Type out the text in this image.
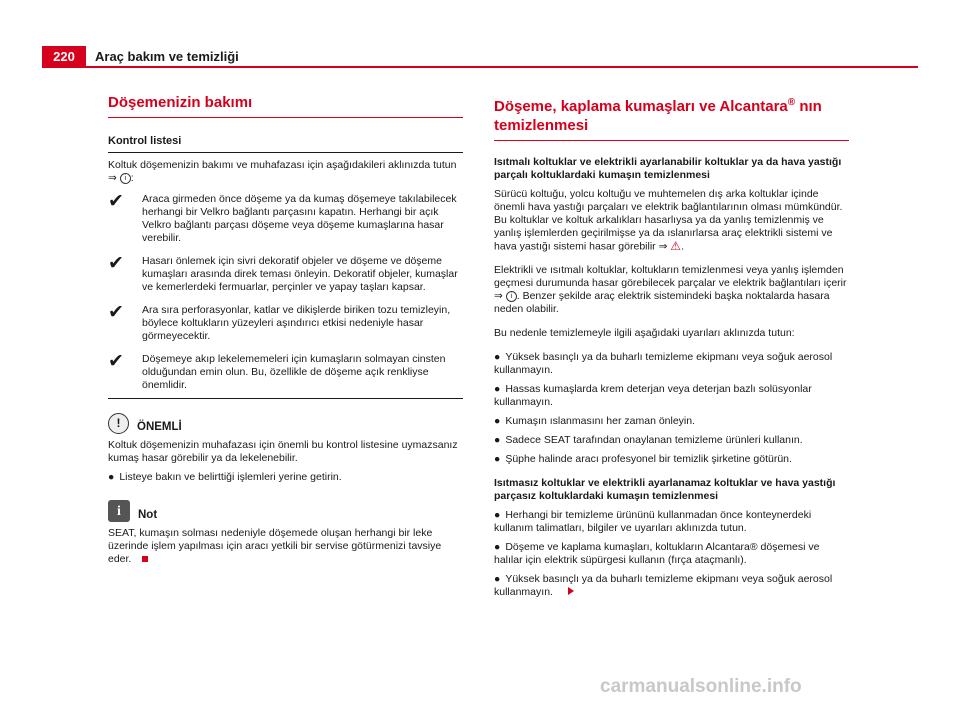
220	Araç bakım ve temizliği
Döşemenizin bakımı
Kontrol listesi

Koltuk döşemenizin bakımı ve muhafazası için aşağıdakileri aklınızda tutun ⇒ i :

✔	Araca girmeden önce döşeme ya da kumaş döşemeye takılabilecek herhangi bir Velkro bağlantı parçasını kapatın. Herhangi bir açık Velkro bağlantı parçası döşeme veya döşeme kumaşlarına hasar verebilir.
✔	Hasarı önlemek için sivri dekoratif objeler ve döşeme ve döşeme kumaşları arasında direk teması önleyin. Dekoratif objeler, kumaşlar ve kemerlerdeki fermuarlar, perçinler ve yapay taşları kapsar.
✔	Ara sıra perforasyonlar, katlar ve dikişlerde biriken tozu temizleyin, böylece koltukların yüzeyleri aşındırıcı etkisi nedeniyle hasar görmeyecektir.
✔	Döşemeye akıp lekelememeleri için kumaşların solmayan cinsten olduğundan emin olun. Bu, özellikle de döşeme açık renkliyse önemlidir.
!	ÖNEMLİ

Koltuk döşemenizin muhafazası için önemli bu kontrol listesine uymazsanız kumaş hasar görebilir ya da lekelenebilir.

● Listeye bakın ve belirttiği işlemleri yerine getirin.

i	Not

SEAT, kumaşın solması nedeniyle döşemede oluşan herhangi bir leke üzerinde işlem yapılması için aracı yetkili bir servise götürmenizi tavsiye eder.

Döşeme, kaplama kumaşları ve Alcantara® nın temizlenmesi
Isıtmalı koltuklar ve elektrikli ayarlanabilir koltuklar ya da hava yastığı parçalı koltuklardaki kumaşın temizlenmesi

Sürücü koltuğu, yolcu koltuğu ve muhtemelen dış arka koltuklar içinde önemli hava yastığı parçaları ve elektrik bağlantılarının olması mümkündür. Bu koltuklar ve koltuk arkalıkları hasarlıysa ya da yanlış temizlenmiş ve yanlış işlemlerden geçirilmişse ya da ıslanırlarsa araç elektrikli sistemi ve hava yastığı sistemi hasar görebilir ⇒ ⚠.

Elektrikli ve ısıtmalı koltuklar, koltukların temizlenmesi veya yanlış işlemden geçmesi durumunda hasar görebilecek parçalar ve elektrik bağlantıları içerir ⇒ i . Benzer şekilde araç elektrik sistemindeki başka noktalarda hasara neden olabilir.

Bu nedenle temizlemeyle ilgili aşağıdaki uyarıları aklınızda tutun:

● Yüksek basınçlı ya da buharlı temizleme ekipmanı veya soğuk aerosol kullanmayın.

● Hassas kumaşlarda krem deterjan veya deterjan bazlı solüsyonlar kullanmayın.

● Kumaşın ıslanmasını her zaman önleyin.

● Sadece SEAT tarafından onaylanan temizleme ürünleri kullanın.

● Şüphe halinde aracı profesyonel bir temizlik şirketine götürün.

Isıtmasız koltuklar ve elektrikli ayarlanamaz koltuklar ve hava yastığı parçasız koltuklardaki kumaşın temizlenmesi

● Herhangi bir temizleme ürününü kullanmadan önce konteynerdeki kullanım talimatları, bilgiler ve uyarıları aklınızda tutun.

● Döşeme ve kaplama kumaşları, koltukların Alcantara® döşemesi ve halılar için elektrik süpürgesi kullanın (fırça ataçmanlı).

● Yüksek basınçlı ya da buharlı temizleme ekipmanı veya soğuk aerosol kullanmayın.

carmanualsonline.info
